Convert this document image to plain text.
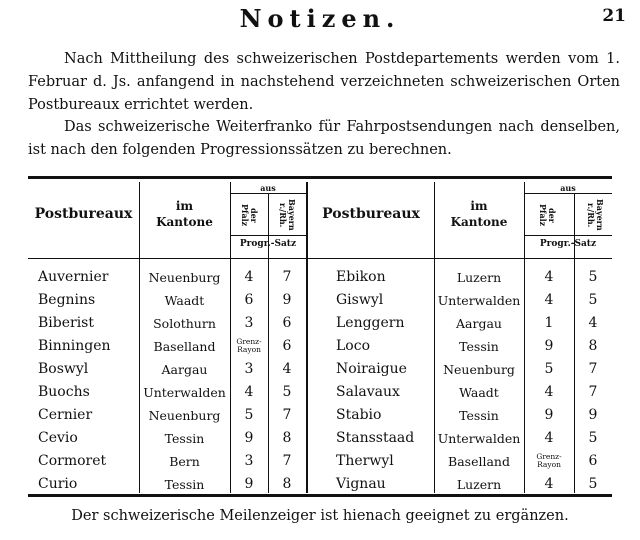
Notizen.	21
Nach Mittheilung des schweizerischen Postdepartements werden vom 1. Februar d. Js. anfangend in nachstehend verzeichneten schweizerischen Orten Postbureaux errichtet werden.
Das schweizerische Weiterfranko für Fahrpostsendungen nach denselben, ist nach den folgenden Progressionssätzen zu berechnen.
Postbureaux	im
Kantone
aus
der Pfalz	Bayern r./Rh.
Progr.-Satz
Postbureaux	im
Kantone
aus
der Pfalz	Bayern r./Rh.
Progr.-Satz
Auvernier	Neuenburg	4	7	Ebikon	Luzern	4	5
Begnins	Waadt	6	9	Giswyl	Unterwalden	4	5
Biberist	Solothurn	3	6	Lenggern	Aargau	1	4
Binningen	Baselland	Grenz-Rayon	6	Loco	Tessin	9	8
Boswyl	Aargau	3	4	Noiraigue	Neuenburg	5	7
Buochs	Unterwalden	4	5	Salavaux	Waadt	4	7
Cernier	Neuenburg	5	7	Stabio	Tessin	9	9
Cevio	Tessin	9	8	Stansstaad Unterwalden	4	5
Cormoret	Bern	3	7	Therwyl	Baselland	Grenz-Rayon	6
Curio	Tessin	9	8	Vignau	Luzern	4	5
Der schweizerische Meilenzeiger ist hienach geeignet zu ergänzen.
